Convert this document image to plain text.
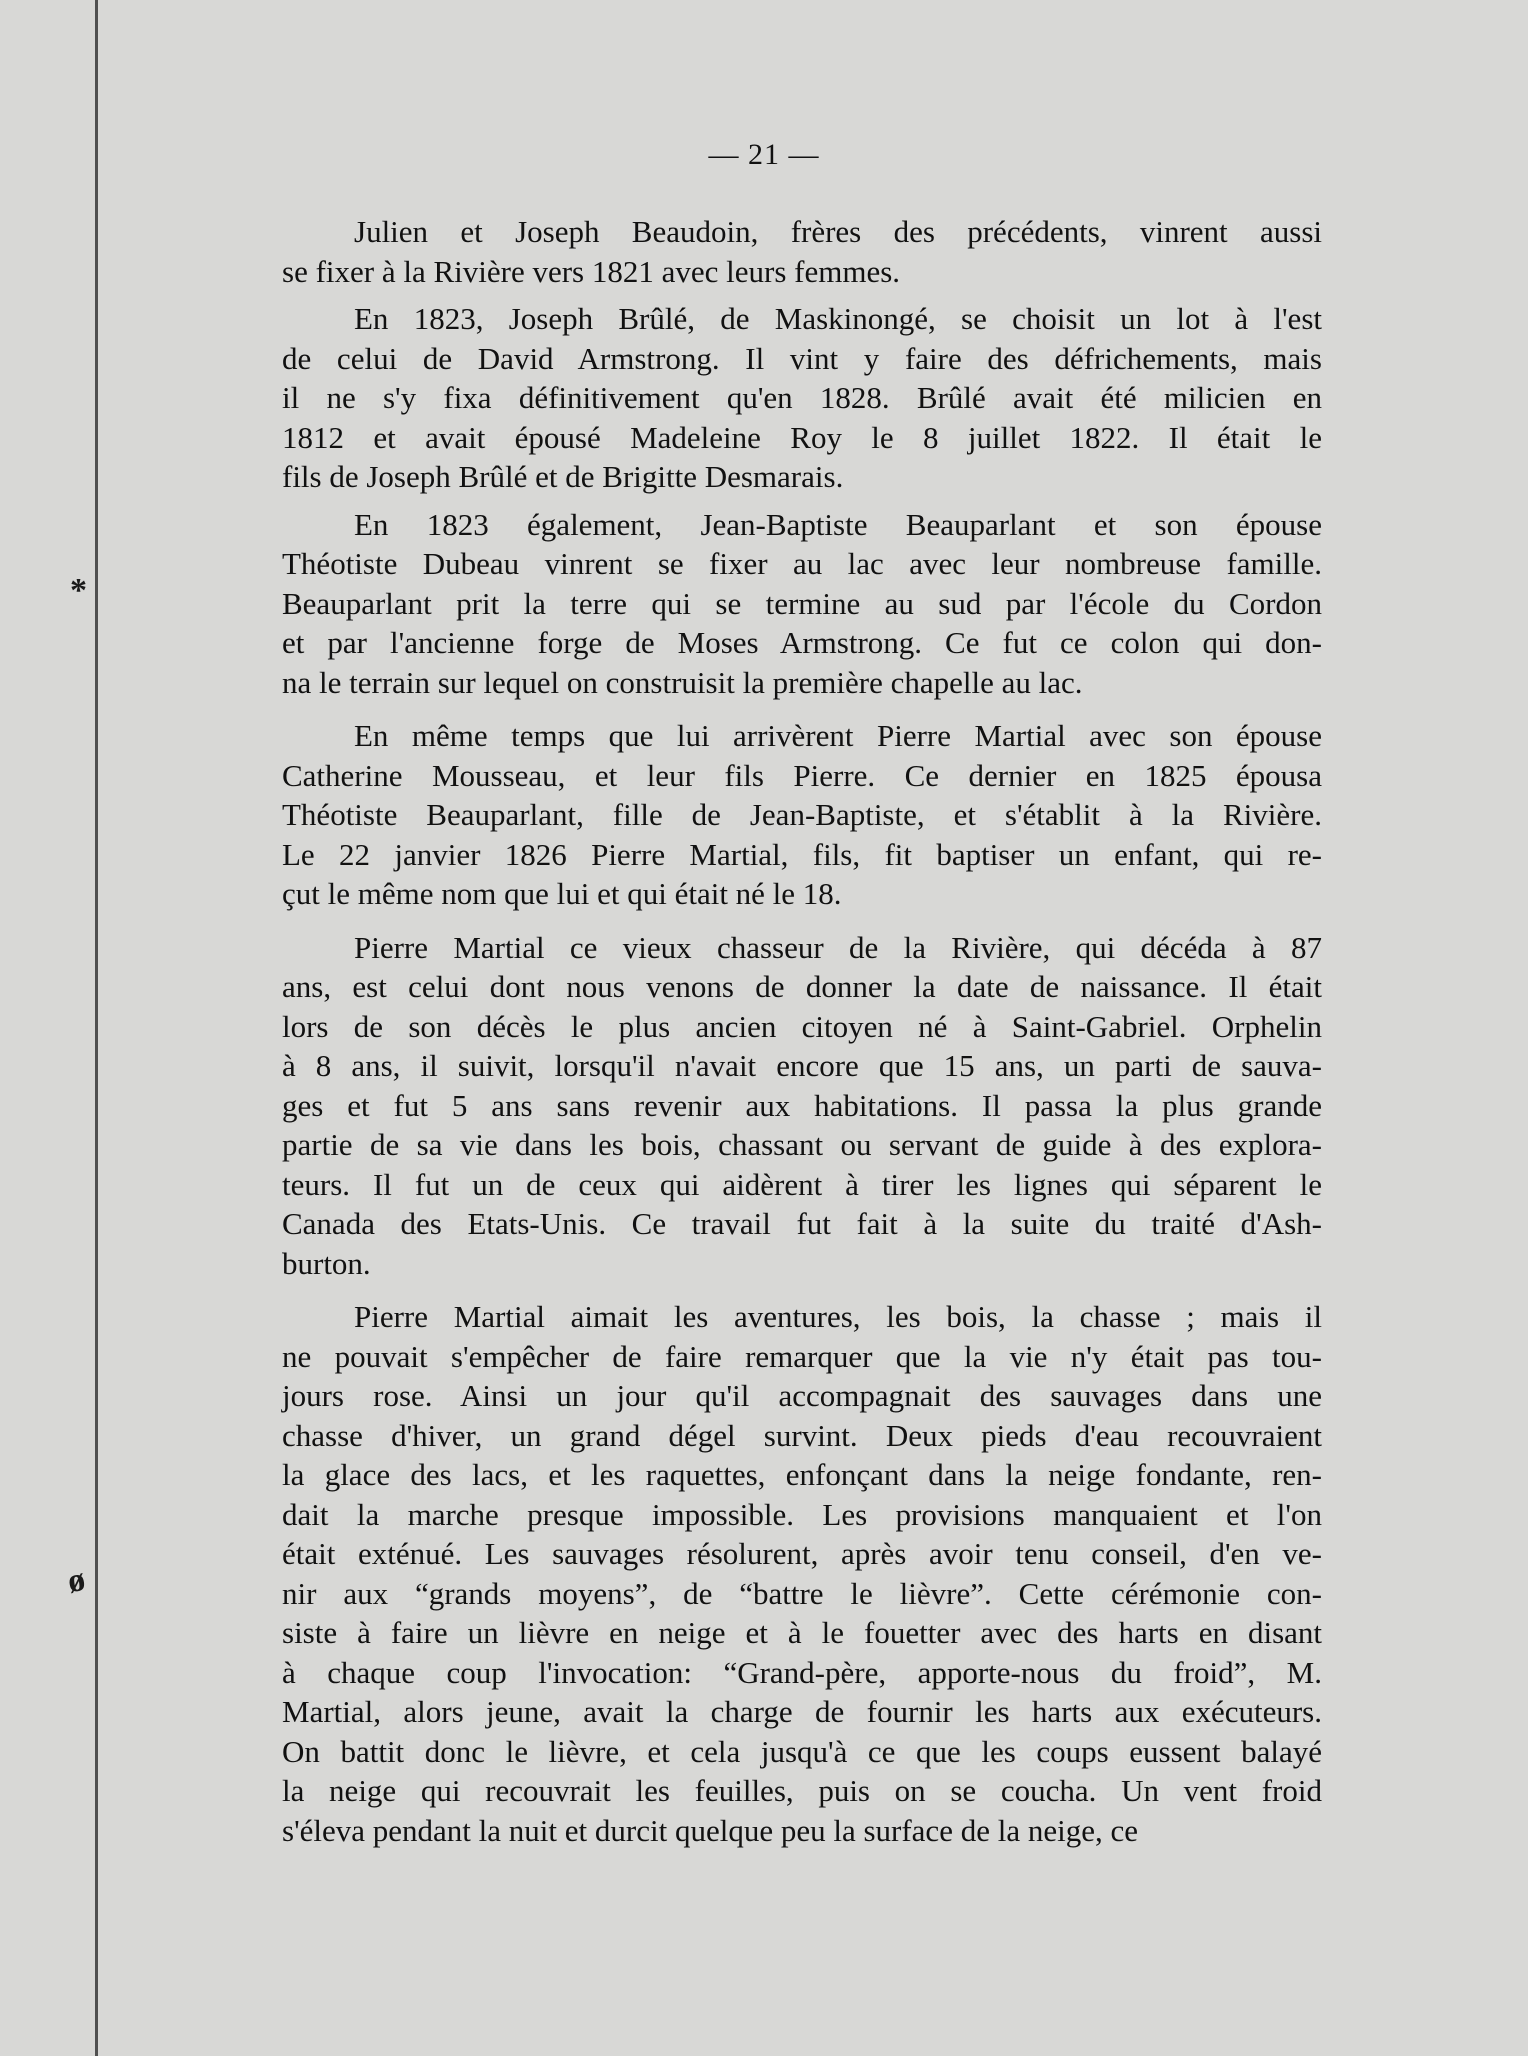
*
ø
— 21 —
Julien et Joseph Beaudoin, frères des précédents, vinrent aussi
se fixer à la Rivière vers 1821 avec leurs femmes.
En 1823, Joseph Brûlé, de Maskinongé, se choisit un lot à l'est
de celui de David Armstrong. Il vint y faire des défrichements, mais
il ne s'y fixa définitivement qu'en 1828. Brûlé avait été milicien en
1812 et avait épousé Madeleine Roy le 8 juillet 1822. Il était le
fils de Joseph Brûlé et de Brigitte Desmarais.
En 1823 également, Jean-Baptiste Beauparlant et son épouse
Théotiste Dubeau vinrent se fixer au lac avec leur nombreuse famille.
Beauparlant prit la terre qui se termine au sud par l'école du Cordon
et par l'ancienne forge de Moses Armstrong. Ce fut ce colon qui don-
na le terrain sur lequel on construisit la première chapelle au lac.
En même temps que lui arrivèrent Pierre Martial avec son épouse
Catherine Mousseau, et leur fils Pierre. Ce dernier en 1825 épousa
Théotiste Beauparlant, fille de Jean-Baptiste, et s'établit à la Rivière.
Le 22 janvier 1826 Pierre Martial, fils, fit baptiser un enfant, qui re-
çut le même nom que lui et qui était né le 18.
Pierre Martial ce vieux chasseur de la Rivière, qui décéda à 87
ans, est celui dont nous venons de donner la date de naissance. Il était
lors de son décès le plus ancien citoyen né à Saint-Gabriel. Orphelin
à 8 ans, il suivit, lorsqu'il n'avait encore que 15 ans, un parti de sauva-
ges et fut 5 ans sans revenir aux habitations. Il passa la plus grande
partie de sa vie dans les bois, chassant ou servant de guide à des explora-
teurs. Il fut un de ceux qui aidèrent à tirer les lignes qui séparent le
Canada des Etats-Unis. Ce travail fut fait à la suite du traité d'Ash-
burton.
Pierre Martial aimait les aventures, les bois, la chasse ; mais il
ne pouvait s'empêcher de faire remarquer que la vie n'y était pas tou-
jours rose. Ainsi un jour qu'il accompagnait des sauvages dans une
chasse d'hiver, un grand dégel survint. Deux pieds d'eau recouvraient
la glace des lacs, et les raquettes, enfonçant dans la neige fondante, ren-
dait la marche presque impossible. Les provisions manquaient et l'on
était exténué. Les sauvages résolurent, après avoir tenu conseil, d'en ve-
nir aux “grands moyens”, de “battre le lièvre”. Cette cérémonie con-
siste à faire un lièvre en neige et à le fouetter avec des harts en disant
à chaque coup l'invocation: “Grand-père, apporte-nous du froid”, M.
Martial, alors jeune, avait la charge de fournir les harts aux exécuteurs.
On battit donc le lièvre, et cela jusqu'à ce que les coups eussent balayé
la neige qui recouvrait les feuilles, puis on se coucha. Un vent froid
s'éleva pendant la nuit et durcit quelque peu la surface de la neige, ce
